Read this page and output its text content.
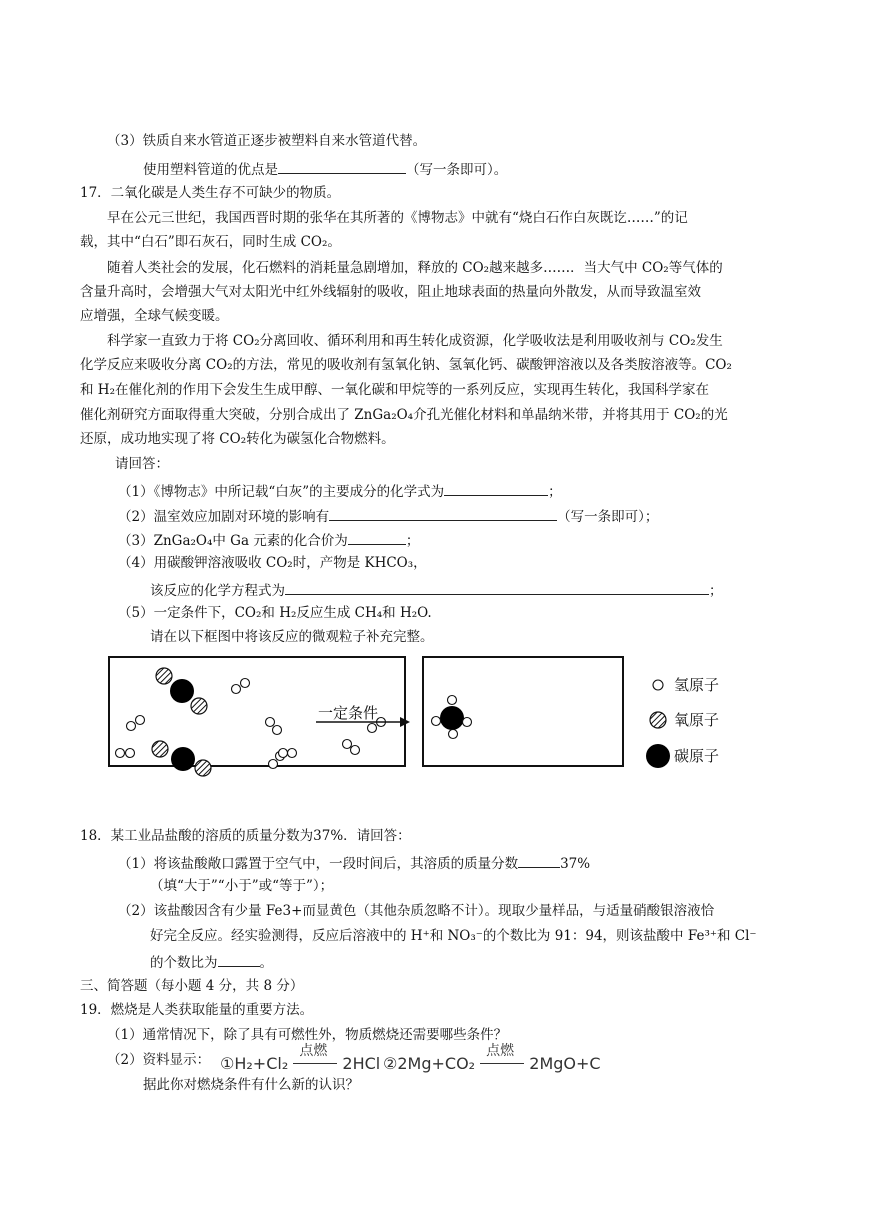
（3）铁质自来水管道正逐步被塑料自来水管道代替。
使用塑料管道的优点是	（写一条即可）。
17．二氧化碳是人类生存不可缺少的物质。
早在公元三世纪，我国西晋时期的张华在其所著的《博物志》中就有“烧白石作白灰既讫……”的记
载，其中“白石”即石灰石，同时生成 CO₂。
随着人类社会的发展，化石燃料的消耗量急剧增加，释放的 CO₂越来越多……．当大气中 CO₂等气体的
含量升高时，会增强大气对太阳光中红外线辐射的吸收，阻止地球表面的热量向外散发，从而导致温室效
应增强，全球气候变暖。
科学家一直致力于将 CO₂分离回收、循环利用和再生转化成资源，化学吸收法是利用吸收剂与 CO₂发生
化学反应来吸收分离 CO₂的方法，常见的吸收剂有氢氧化钠、氢氧化钙、碳酸钾溶液以及各类胺溶液等。CO₂
和 H₂在催化剂的作用下会发生生成甲醇、一氧化碳和甲烷等的一系列反应，实现再生转化，我国科学家在
催化剂研究方面取得重大突破，分别合成出了 ZnGa₂O₄介孔光催化材料和单晶纳米带，并将其用于 CO₂的光
还原，成功地实现了将 CO₂转化为碳氢化合物燃料。
请回答：
（1）《博物志》中所记载“白灰”的主要成分的化学式为	；
（2）温室效应加剧对环境的影响有	（写一条即可）；
（3）ZnGa₂O₄中 Ga 元素的化合价为	；
（4）用碳酸钾溶液吸收 CO₂时，产物是 KHCO₃，
该反应的化学方程式为	；
（5）一定条件下，CO₂和 H₂反应生成 CH₄和 H₂O.
请在以下框图中将该反应的微观粒子补充完整。
一定条件
氢原子
氧原子
碳原子
18．某工业品盐酸的溶质的质量分数为37%．请回答：
（1）将该盐酸敞口露置于空气中，一段时间后，其溶质的质量分数	37%
（填“大于”“小于”或“等于”）；
（2）该盐酸因含有少量 Fe3+而显黄色（其他杂质忽略不计）。现取少量样品，与适量硝酸银溶液恰
好完全反应。经实验测得，反应后溶液中的 H⁺和 NO₃⁻的个数比为 91：94，则该盐酸中 Fe³⁺和 Cl⁻
的个数比为	。
三、简答题（每小题 4 分，共 8 分）
19．燃烧是人类获取能量的重要方法。
（1）通常情况下，除了具有可燃性外，物质燃烧还需要哪些条件？
（2）资料显示： ①H₂+Cl₂
点燃
2HCl ②2Mg+CO₂
点燃
2MgO+C
据此你对燃烧条件有什么新的认识？
